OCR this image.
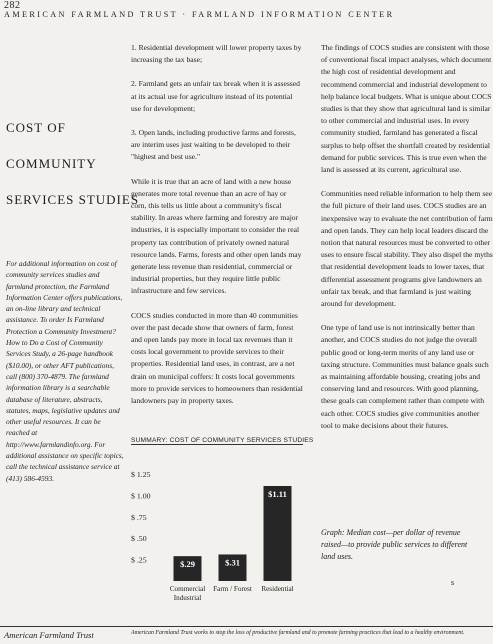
282
AMERICAN FARMLAND TRUST · FARMLAND INFORMATION CENTER
COST OF
COMMUNITY
SERVICES STUDIES
For additional information on cost of community services studies and farmland protection, the Farmland Information Center offers publications, an on-line library and technical assistance. To order Is Farmland Protection a Community Investment? How to Do a Cost of Community Services Study, a 26-page handbook ($10.00), or other AFT publications, call (800) 370-4879. The farmland information library is a searchable database of literature, abstracts, statutes, maps, legislative updates and other useful resources. It can be reached at http://www.farmlandinfo.org. For additional assistance on specific topics, call the technical assistance service at (413) 586-4593.

1. Residential development will lower property taxes by increasing the tax base;

2. Farmland gets an unfair tax break when it is assessed at its actual use for agriculture instead of its potential use for development;

3. Open lands, including productive farms and forests, are interim uses just waiting to be developed to their "highest and best use."

While it is true that an acre of land with a new house generates more total revenue than an acre of hay or corn, this tells us little about a community's fiscal stability. In areas where farming and forestry are major industries, it is especially important to consider the real property tax contribution of privately owned natural resource lands. Farms, forests and other open lands may generate less revenue than residential, commercial or industrial properties, but they require little public infrastructure and few services.

COCS studies conducted in more than 40 communities over the past decade show that owners of farm, forest and open lands pay more in local tax revenues than it costs local government to provide services to their properties. Residential land uses, in contrast, are a net drain on municipal coffers: It costs local governments more to provide services to homeowners than residential landowners pay in property taxes.

The findings of COCS studies are consistent with those of conventional fiscal impact analyses, which document the high cost of residential development and recommend commercial and industrial development to help balance local budgets. What is unique about COCS studies is that they show that agricultural land is similar to other commercial and industrial uses. In every community studied, farmland has generated a fiscal surplus to help offset the shortfall created by residential demand for public services. This is true even when the land is assessed at its current, agricultural use.

Communities need reliable information to help them see the full picture of their land uses. COCS studies are an inexpensive way to evaluate the net contribution of farm and open lands. They can help local leaders discard the notion that natural resources must be converted to other uses to ensure fiscal stability. They also dispel the myths that residential development leads to lower taxes, that differential assessment programs give landowners an unfair tax break, and that farmland is just waiting around for development.

One type of land use is not intrinsically better than another, and COCS studies do not judge the overall public good or long-term merits of any land use or taxing structure. Communities must balance goals such as maintaining affordable housing, creating jobs and conserving land and resources. With good planning, these goals can complement rather than compete with each other. COCS studies give communities another tool to make decisions about their futures.

SUMMARY: COST OF COMMUNITY SERVICES STUDIES
$ .25
$ .50
$ .75
$ 1.00
$ 1.25
$.29
Commercial
Industrial
$.31
Farm / Forest
$1.11
Residential
Graph: Median cost—per dollar of revenue raised—to provide public services to different land uses.
s
American Farmland Trust	American Farmland Trust works to stop the loss of productive farmland and to promote farming practices that lead to a healthy environment.
